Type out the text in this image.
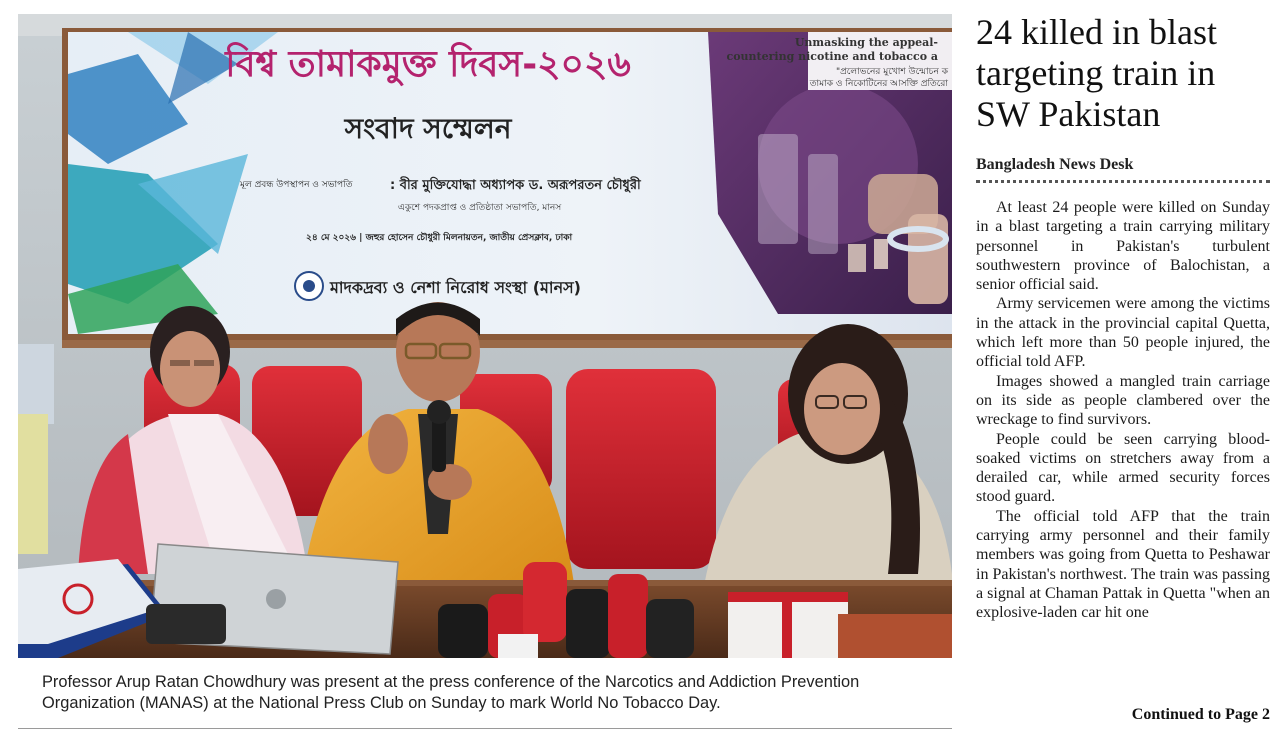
Unmasking the appeal-
countering nicotine and tobacco a
"প্রলোভনের মুখোশ উন্মোচন ক
তামাক ও নিকোটিনের আসক্তি প্রতিরো
বিশ্ব তামাকমুক্ত দিবস-২০২৬
সংবাদ সম্মেলন
মূল প্রবন্ধ উপস্থাপন ও সভাপতি	: বীর মুক্তিযোদ্ধা অধ্যাপক ড. অরূপরতন চৌধুরী
একুশে পদকপ্রাপ্ত ও প্রতিষ্ঠাতা সভাপতি, মানস
২৪ মে ২০২৬ | জহুর হোসেন চৌধুরী মিলনায়তন, জাতীয় প্রেসক্লাব, ঢাকা
মাদকদ্রব্য ও নেশা নিরোধ সংস্থা (মানস)
Professor Arup Ratan Chowdhury was present at the press conference of the Narcotics and Addiction Prevention Organization (MANAS) at the National Press Club on Sunday to mark World No Tobacco Day.
24 killed in blast targeting train in SW Pakistan
Bangladesh News Desk

At least 24 people were killed on Sunday in a blast targeting a train carrying military personnel in Pakistan's turbulent southwestern province of Balochistan, a senior official said.

Army servicemen were among the victims in the attack in the provincial capital Quetta, which left more than 50 people injured, the official told AFP.

Images showed a mangled train carriage on its side as people clambered over the wreckage to find survivors.

People could be seen carrying blood-soaked victims on stretchers away from a derailed car, while armed security forces stood guard.

The official told AFP that the train carrying army personnel and their family members was going from Quetta to Peshawar in Pakistan's northwest. The train was passing a signal at Chaman Pattak in Quetta "when an explosive-laden car hit one

Continued to Page 2
